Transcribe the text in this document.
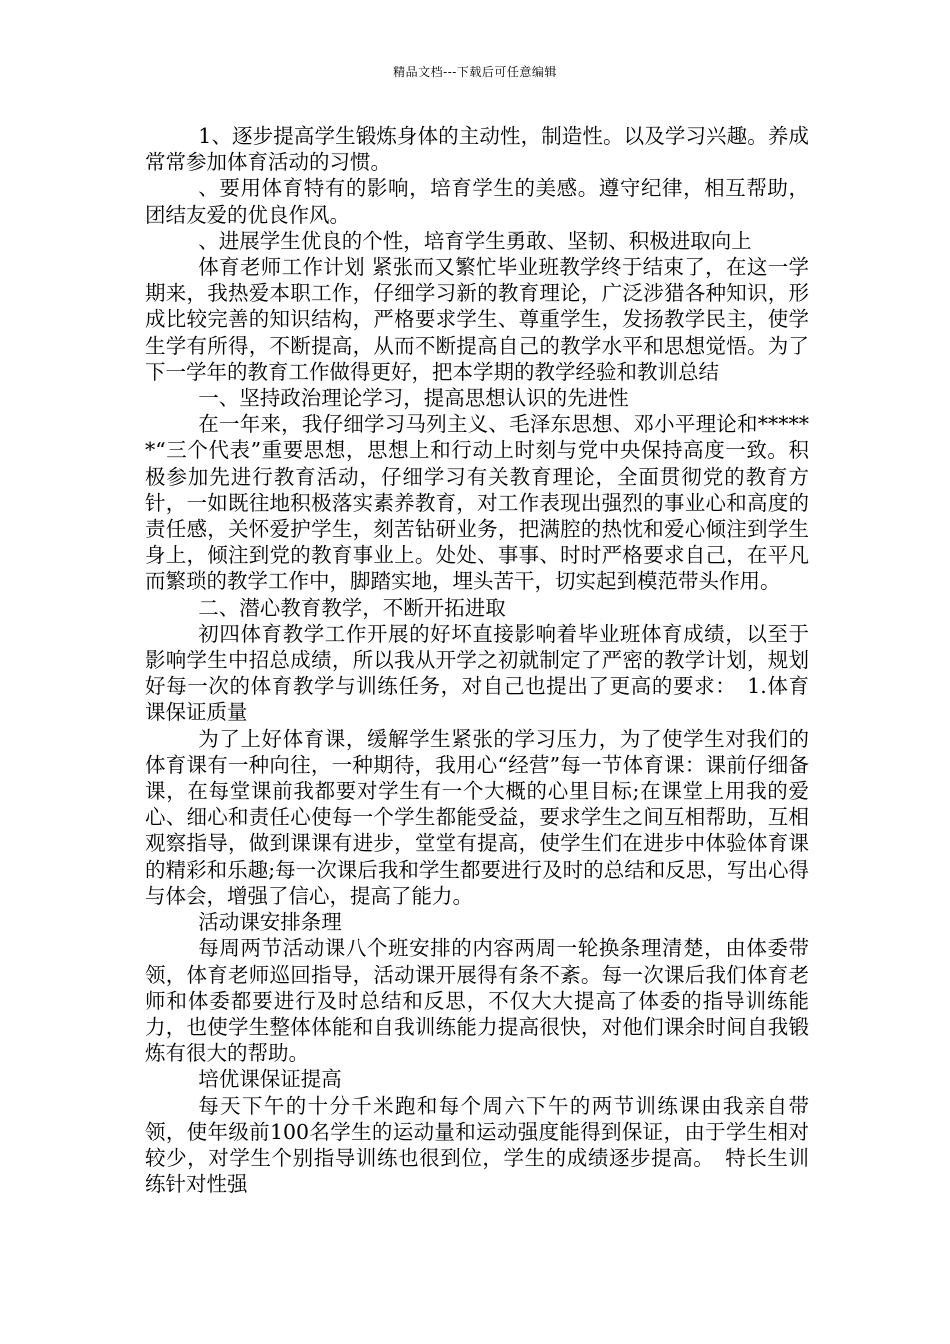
精品文档---下载后可任意编辑

1、逐步提高学生锻炼身体的主动性，制造性。以及学习兴趣。养成常常参加体育活动的习惯。

、要用体育特有的影响，培育学生的美感。遵守纪律，相互帮助，团结友爱的优良作风。

、进展学生优良的个性，培育学生勇敢、坚韧、积极进取向上

体育老师工作计划 紧张而又繁忙毕业班教学终于结束了，在这一学期来，我热爱本职工作，仔细学习新的教育理论，广泛涉猎各种知识，形成比较完善的知识结构，严格要求学生、尊重学生，发扬教学民主，使学生学有所得，不断提高，从而不断提高自己的教学水平和思想觉悟。为了下一学年的教育工作做得更好，把本学期的教学经验和教训总结

一、坚持政治理论学习，提高思想认识的先进性

在一年来，我仔细学习马列主义、毛泽东思想、邓小平理论和******“三个代表”重要思想，思想上和行动上时刻与党中央保持高度一致。积极参加先进行教育活动，仔细学习有关教育理论，全面贯彻党的教育方针，一如既往地积极落实素养教育，对工作表现出强烈的事业心和高度的责任感，关怀爱护学生，刻苦钻研业务，把满腔的热忱和爱心倾注到学生身上，倾注到党的教育事业上。处处、事事、时时严格要求自己，在平凡而繁琐的教学工作中，脚踏实地，埋头苦干，切实起到模范带头作用。

二、潜心教育教学，不断开拓进取

初四体育教学工作开展的好坏直接影响着毕业班体育成绩，以至于影响学生中招总成绩，所以我从开学之初就制定了严密的教学计划，规划好每一次的体育教学与训练任务，对自己也提出了更高的要求：　1.体育课保证质量

为了上好体育课，缓解学生紧张的学习压力，为了使学生对我们的体育课有一种向往，一种期待，我用心“经营”每一节体育课：课前仔细备课，在每堂课前我都要对学生有一个大概的心里目标;在课堂上用我的爱心、细心和责任心使每一个学生都能受益，要求学生之间互相帮助，互相观察指导，做到课课有进步，堂堂有提高，使学生们在进步中体验体育课的精彩和乐趣;每一次课后我和学生都要进行及时的总结和反思，写出心得与体会，增强了信心，提高了能力。

活动课安排条理

每周两节活动课八个班安排的内容两周一轮换条理清楚，由体委带领，体育老师巡回指导，活动课开展得有条不紊。每一次课后我们体育老师和体委都要进行及时总结和反思，不仅大大提高了体委的指导训练能力，也使学生整体体能和自我训练能力提高很快，对他们课余时间自我锻炼有很大的帮助。

培优课保证提高

每天下午的十分千米跑和每个周六下午的两节训练课由我亲自带领，使年级前100名学生的运动量和运动强度能得到保证，由于学生相对较少，对学生个别指导训练也很到位，学生的成绩逐步提高。　特长生训练针对性强
